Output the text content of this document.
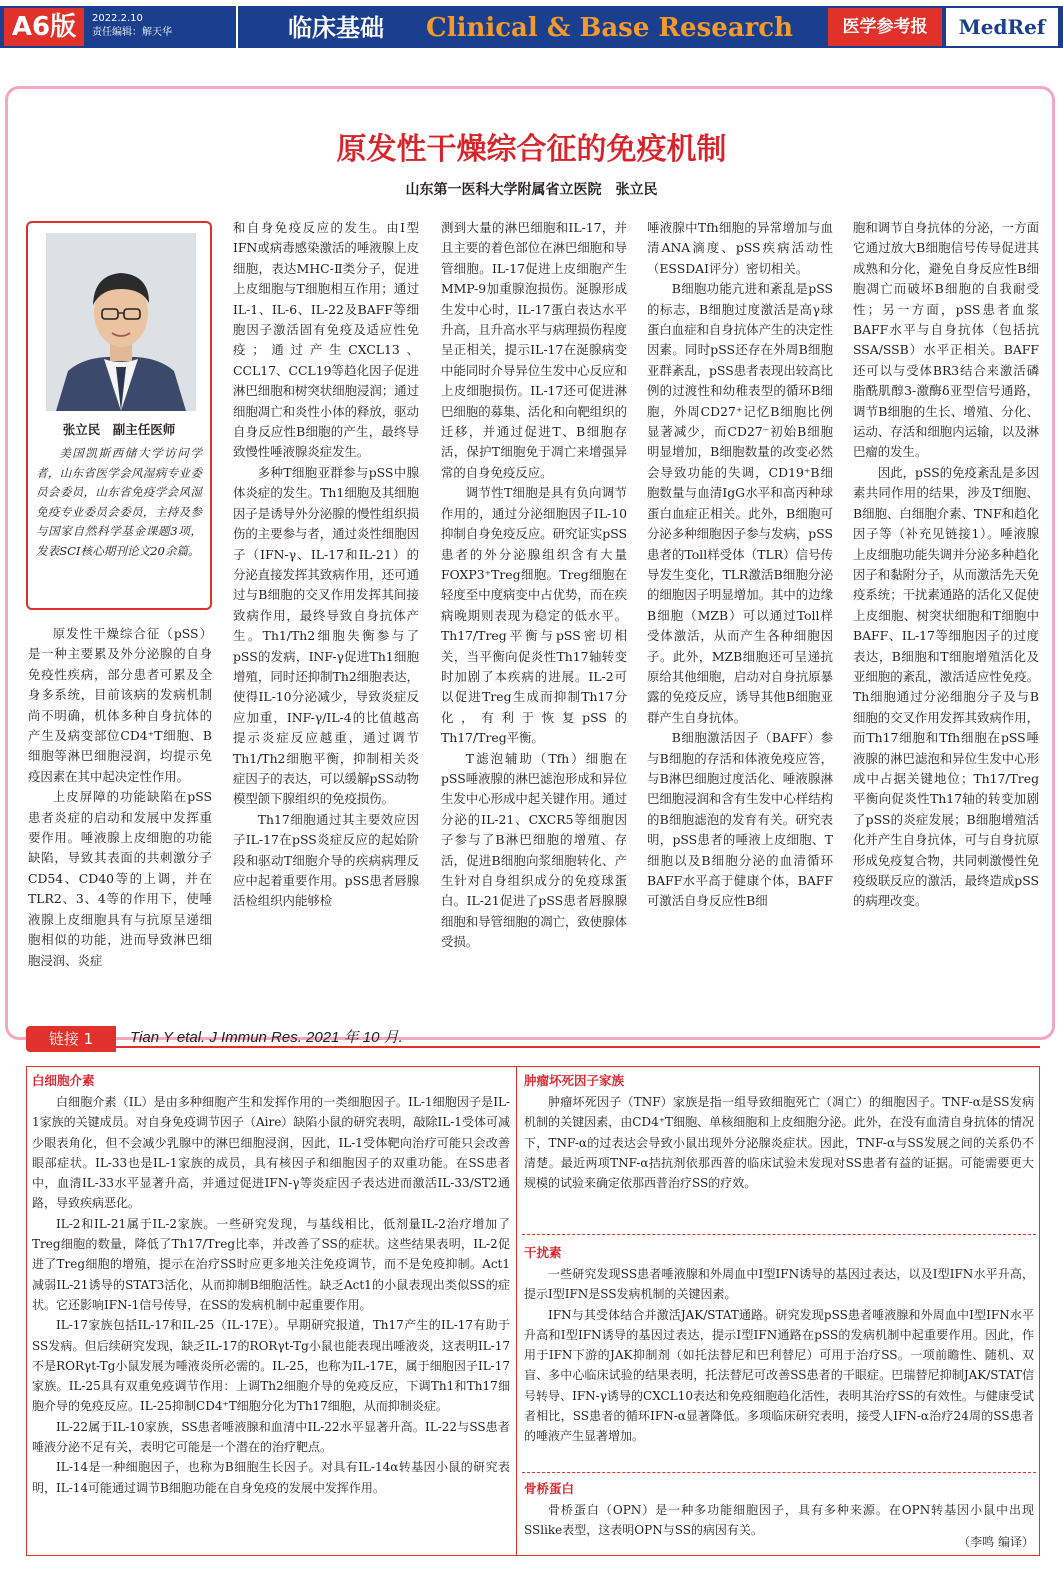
A6版	2022.2.10
责任编辑：解天华	临床基础 Clinical & Base Research	医学参考报	MedRef
原发性干燥综合征的免疫机制
山东第一医科大学附属省立医院　张立民
张立民　副主任医师
美国凯斯西储大学访问学者，山东省医学会风湿病专业委员会委员，山东省免疫学会风湿免疫专业委员会委员，主持及参与国家自然科学基金课题3项，发表SCI核心期刊论文20余篇。

原发性干燥综合征（pSS）是一种主要累及外分泌腺的自身免疫性疾病，部分患者可累及全身多系统，目前该病的发病机制尚不明确，机体多种自身抗体的产生及病变部位CD4⁺T细胞、B细胞等淋巴细胞浸润，均提示免疫因素在其中起决定性作用。

上皮屏障的功能缺陷在pSS患者炎症的启动和发展中发挥重要作用。唾液腺上皮细胞的功能缺陷，导致其表面的共刺激分子CD54、CD40等的上调，并在TLR2、3、4等的作用下，使唾液腺上皮细胞具有与抗原呈递细胞相似的功能，进而导致淋巴细胞浸润、炎症

和自身免疫反应的发生。由Ⅰ型IFN或病毒感染激活的唾液腺上皮细胞，表达MHC-Ⅱ类分子，促进上皮细胞与T细胞相互作用；通过IL-1、IL-6、IL-22及BAFF等细胞因子激活固有免疫及适应性免疫；通过产生CXCL13、CCL17、CCL19等趋化因子促进淋巴细胞和树突状细胞浸润；通过细胞凋亡和炎性小体的释放，驱动自身反应性B细胞的产生，最终导致慢性唾液腺炎症发生。

多种T细胞亚群参与pSS中腺体炎症的发生。Th1细胞及其细胞因子是诱导外分泌腺的慢性组织损伤的主要参与者，通过炎性细胞因子（IFN-γ、IL-17和IL-21）的分泌直接发挥其致病作用，还可通过与B细胞的交叉作用发挥其间接致病作用，最终导致自身抗体产生。Th1/Th2细胞失衡参与了pSS的发病，INF-γ促进Th1细胞增殖，同时还抑制Th2细胞表达，使得IL-10分泌减少，导致炎症反应加重，INF-γ/IL-4的比值越高提示炎症反应越重，通过调节Th1/Th2细胞平衡，抑制相关炎症因子的表达，可以缓解pSS动物模型颌下腺组织的免疫损伤。

Th17细胞通过其主要效应因子IL-17在pSS炎症反应的起始阶段和驱动T细胞介导的疾病病理反应中起着重要作用。pSS患者唇腺活检组织内能够检

测到大量的淋巴细胞和IL-17，并且主要的着色部位在淋巴细胞和导管细胞。IL-17促进上皮细胞产生MMP-9加重腺泡损伤。涎腺形成生发中心时，IL-17蛋白表达水平升高，且升高水平与病理损伤程度呈正相关，提示IL-17在涎腺病变中能同时介导异位生发中心反应和上皮细胞损伤。IL-17还可促进淋巴细胞的募集、活化和向靶组织的迁移，并通过促进T、B细胞存活，保护T细胞免于凋亡来增强异常的自身免疫反应。

调节性T细胞是具有负向调节作用的，通过分泌细胞因子IL-10抑制自身免疫反应。研究证实pSS患者的外分泌腺组织含有大量FOXP3⁺Treg细胞。Treg细胞在轻度至中度病变中占优势，而在疾病晚期则表现为稳定的低水平。Th17/Treg平衡与pSS密切相关，当平衡向促炎性Th17轴转变时加剧了本疾病的进展。IL-2可以促进Treg生成而抑制Th17分化，有利于恢复pSS的Th17/Treg平衡。

T滤泡辅助（Tfh）细胞在pSS唾液腺的淋巴滤泡形成和异位生发中心形成中起关键作用。通过分泌的IL-21、CXCR5等细胞因子参与了B淋巴细胞的增殖、存活，促进B细胞向浆细胞转化、产生针对自身组织成分的免疫球蛋白。IL-21促进了pSS患者唇腺腺细胞和导管细胞的凋亡，致使腺体受损。

唾液腺中Tfh细胞的异常增加与血清ANA滴度、pSS疾病活动性（ESSDAI评分）密切相关。

B细胞功能亢进和紊乱是pSS的标志，B细胞过度激活是高γ球蛋白血症和自身抗体产生的决定性因素。同时pSS还存在外周B细胞亚群紊乱，pSS患者表现出较高比例的过渡性和幼稚表型的循环B细胞，外周CD27⁺记忆B细胞比例显著减少，而CD27⁻初始B细胞明显增加，B细胞数量的改变必然会导致功能的失调，CD19⁺B细胞数量与血清IgG水平和高丙种球蛋白血症正相关。此外，B细胞可分泌多种细胞因子参与发病，pSS患者的Toll样受体（TLR）信号传导发生变化，TLR激活B细胞分泌的细胞因子明显增加。其中的边缘B细胞（MZB）可以通过Toll样受体激活，从而产生各种细胞因子。此外，MZB细胞还可呈递抗原给其他细胞，启动对自身抗原暴露的免疫反应，诱导其他B细胞亚群产生自身抗体。

B细胞激活因子（BAFF）参与B细胞的存活和体液免疫应答，与B淋巴细胞过度活化、唾液腺淋巴细胞浸润和含有生发中心样结构的B细胞滤泡的发育有关。研究表明，pSS患者的唾液上皮细胞、T细胞以及B细胞分泌的血清循环BAFF水平高于健康个体，BAFF可激活自身反应性B细

胞和调节自身抗体的分泌，一方面它通过放大B细胞信号传导促进其成熟和分化，避免自身反应性B细胞凋亡而破坏B细胞的自我耐受性；另一方面，pSS患者血浆BAFF水平与自身抗体（包括抗SSA/SSB）水平正相关。BAFF还可以与受体BR3结合来激活磷脂酰肌醇3-激酶δ亚型信号通路，调节B细胞的生长、增殖、分化、运动、存活和细胞内运输，以及淋巴瘤的发生。

因此，pSS的免疫紊乱是多因素共同作用的结果，涉及T细胞、B细胞、白细胞介素、TNF和趋化因子等（补充见链接1）。唾液腺上皮细胞功能失调并分泌多种趋化因子和黏附分子，从而激活先天免疫系统；干扰素通路的活化又促使上皮细胞、树突状细胞和T细胞中BAFF、IL-17等细胞因子的过度表达，B细胞和T细胞增殖活化及亚细胞的紊乱，激活适应性免疫。Th细胞通过分泌细胞分子及与B细胞的交叉作用发挥其致病作用，而Th17细胞和Tfh细胞在pSS唾液腺的淋巴滤泡和异位生发中心形成中占据关键地位；Th17/Treg平衡向促炎性Th17轴的转变加剧了pSS的炎症发展；B细胞增殖活化并产生自身抗体，可与自身抗原形成免疫复合物，共同刺激慢性免疫级联反应的激活，最终造成pSS的病理改变。

链接 1	Tian Y etal. J Immun Res. 2021 年 10 月.
白细胞介素

白细胞介素（IL）是由多种细胞产生和发挥作用的一类细胞因子。IL-1细胞因子是IL-1家族的关键成员。对自身免疫调节因子（Aire）缺陷小鼠的研究表明，敲除IL-1受体可减少眼表角化，但不会减少乳腺中的淋巴细胞浸润，因此，IL-1受体靶向治疗可能只会改善眼部症状。IL-33也是IL-1家族的成员，具有核因子和细胞因子的双重功能。在SS患者中，血清IL-33水平显著升高，并通过促进IFN-γ等炎症因子表达进而激活IL-33/ST2通路，导致疾病恶化。

IL-2和IL-21属于IL-2家族。一些研究发现，与基线相比，低剂量IL-2治疗增加了Treg细胞的数量，降低了Th17/Treg比率，并改善了SS的症状。这些结果表明，IL-2促进了Treg细胞的增殖，提示在治疗SS时应更多地关注免疫调节，而不是免疫抑制。Act1减弱IL-21诱导的STAT3活化，从而抑制B细胞活性。缺乏Act1的小鼠表现出类似SS的症状。它还影响IFN-1信号传导，在SS的发病机制中起重要作用。

IL-17家族包括IL-17和IL-25（IL-17E）。早期研究报道，Th17产生的IL-17有助于SS发病。但后续研究发现，缺乏IL-17的RORγt-Tg小鼠也能表现出唾液炎，这表明IL-17不是RORγt-Tg小鼠发展为唾液炎所必需的。IL-25，也称为IL-17E，属于细胞因子IL-17家族。IL-25具有双重免疫调节作用：上调Th2细胞介导的免疫反应，下调Th1和Th17细胞介导的免疫反应。IL-25抑制CD4⁺T细胞分化为Th17细胞，从而抑制炎症。

IL-22属于IL-10家族，SS患者唾液腺和血清中IL-22水平显著升高。IL-22与SS患者唾液分泌不足有关，表明它可能是一个潜在的治疗靶点。

IL-14是一种细胞因子，也称为B细胞生长因子。对具有IL-14α转基因小鼠的研究表明，IL-14可能通过调节B细胞功能在自身免疫的发展中发挥作用。

肿瘤坏死因子家族

肿瘤坏死因子（TNF）家族是指一组导致细胞死亡（凋亡）的细胞因子。TNF-α是SS发病机制的关键因素，由CD4⁺T细胞、单核细胞和上皮细胞分泌。此外，在没有血清自身抗体的情况下，TNF-α的过表达会导致小鼠出现外分泌腺炎症状。因此，TNF-α与SS发展之间的关系仍不清楚。最近两项TNF-α拮抗剂依那西普的临床试验未发现对SS患者有益的证据。可能需要更大规模的试验来确定依那西普治疗SS的疗效。

干扰素

一些研究发现SS患者唾液腺和外周血中Ⅰ型IFN诱导的基因过表达，以及Ⅰ型IFN水平升高，提示Ⅰ型IFN是SS发病机制的关键因素。

IFN与其受体结合并激活JAK/STAT通路。研究发现pSS患者唾液腺和外周血中Ⅰ型IFN水平升高和Ⅰ型IFN诱导的基因过表达，提示Ⅰ型IFN通路在pSS的发病机制中起重要作用。因此，作用于IFN下游的JAK抑制剂（如托法替尼和巴利替尼）可用于治疗SS。一项前瞻性、随机、双盲、多中心临床试验的结果表明，托法替尼可改善SS患者的干眼症。巴瑞替尼抑制JAK/STAT信号转导、IFN-γ诱导的CXCL10表达和免疫细胞趋化活性，表明其治疗SS的有效性。与健康受试者相比，SS患者的循环IFN-α显著降低。多项临床研究表明，接受人IFN-α治疗24周的SS患者的唾液产生显著增加。

骨桥蛋白

骨桥蛋白（OPN）是一种多功能细胞因子，具有多种来源。在OPN转基因小鼠中出现SSlike表型，这表明OPN与SS的病因有关。

（李鸣 编译）
